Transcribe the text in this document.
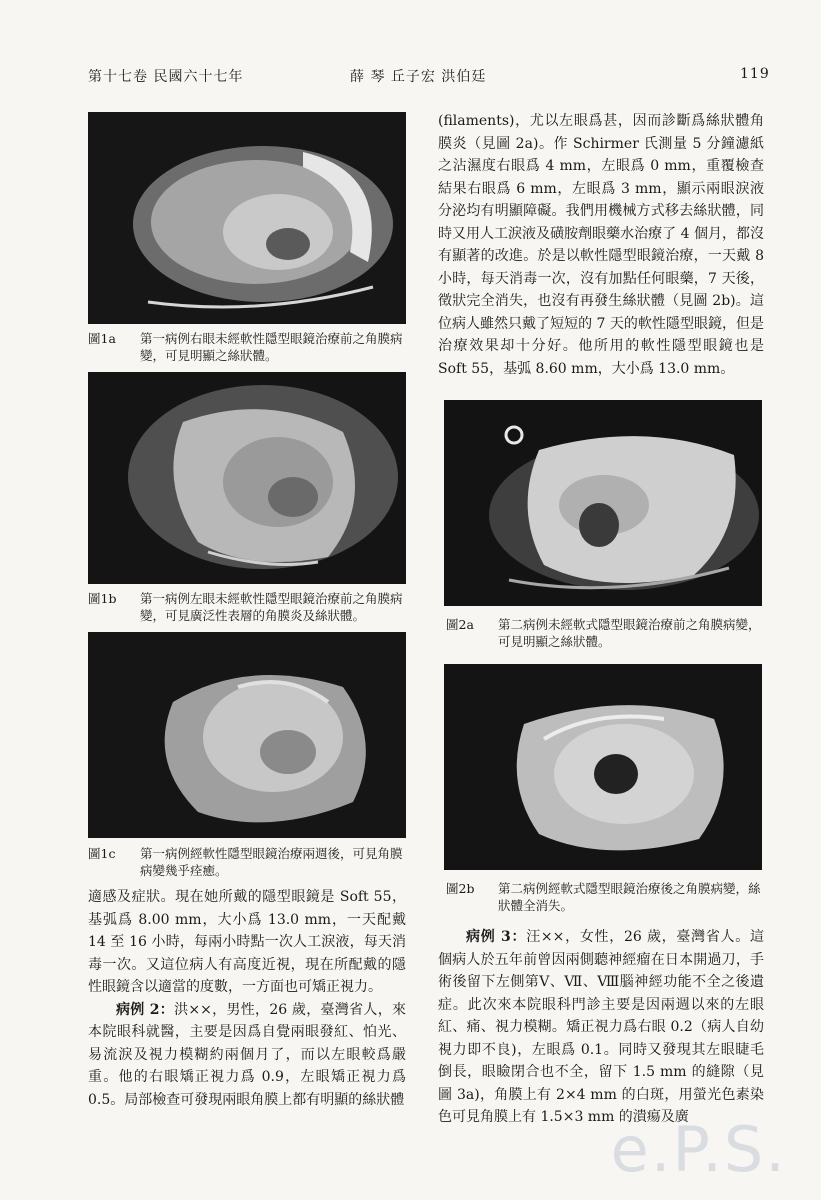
第十七卷 民國六十七年	薛 琴 丘子宏 洪伯廷	119
圖1a 第一病例右眼未經軟性隱型眼鏡治療前之角膜病變，可見明顯之絲狀體。
圖1b 第一病例左眼未經軟性隱型眼鏡治療前之角膜病變，可見廣泛性表層的角膜炎及絲狀體。
圖1c 第一病例經軟性隱型眼鏡治療兩週後，可見角膜病變幾乎痊癒。

適感及症狀。現在她所戴的隱型眼鏡是 Soft 55，基弧爲 8.00 mm，大小爲 13.0 mm，一天配戴 14 至 16 小時，每兩小時點一次人工淚液，每天消毒一次。又這位病人有高度近視，現在所配戴的隱性眼鏡含以適當的度數，一方面也可矯正視力。

病例 2：洪××，男性，26 歲，臺灣省人，來本院眼科就醫，主要是因爲自覺兩眼發紅、怕光、易流淚及視力模糊約兩個月了，而以左眼較爲嚴重。他的右眼矯正視力爲 0.9，左眼矯正視力爲 0.5。局部檢查可發現兩眼角膜上都有明顯的絲狀體

(filaments)，尤以左眼爲甚，因而診斷爲絲狀體角膜炎（見圖 2a)。作 Schirmer 氏測量 5 分鐘濾紙之沾濕度右眼爲 4 mm，左眼爲 0 mm，重覆檢查結果右眼爲 6 mm，左眼爲 3 mm，顯示兩眼淚液分泌均有明顯障礙。我們用機械方式移去絲狀體，同時又用人工淚液及磺胺劑眼藥水治療了 4 個月，都沒有顯著的改進。於是以軟性隱型眼鏡治療，一天戴 8 小時，每天消毒一次，沒有加點任何眼藥，7 天後，徵狀完全消失，也沒有再發生絲狀體（見圖 2b)。這位病人雖然只戴了短短的 7 天的軟性隱型眼鏡，但是治療效果却十分好。他所用的軟性隱型眼鏡也是 Soft 55，基弧 8.60 mm，大小爲 13.0 mm。

圖2a 第二病例未經軟式隱型眼鏡治療前之角膜病變，可見明顯之絲狀體。
圖2b 第二病例經軟式隱型眼鏡治療後之角膜病變，絲狀體全消失。

病例 3：汪××，女性，26 歲，臺灣省人。這個病人於五年前曾因兩側聽神經瘤在日本開過刀，手術後留下左側第Ⅴ、Ⅶ、Ⅷ腦神經功能不全之後遺症。此次來本院眼科門診主要是因兩週以來的左眼紅、痛、視力模糊。矯正視力爲右眼 0.2（病人自幼視力即不良)，左眼爲 0.1。同時又發現其左眼睫毛倒長，眼瞼閉合也不全，留下 1.5 mm 的縫隙（見圖 3a)，角膜上有 2×4 mm 的白斑，用螢光色素染色可見角膜上有 1.5×3 mm 的潰瘍及廣

e.P.S.
